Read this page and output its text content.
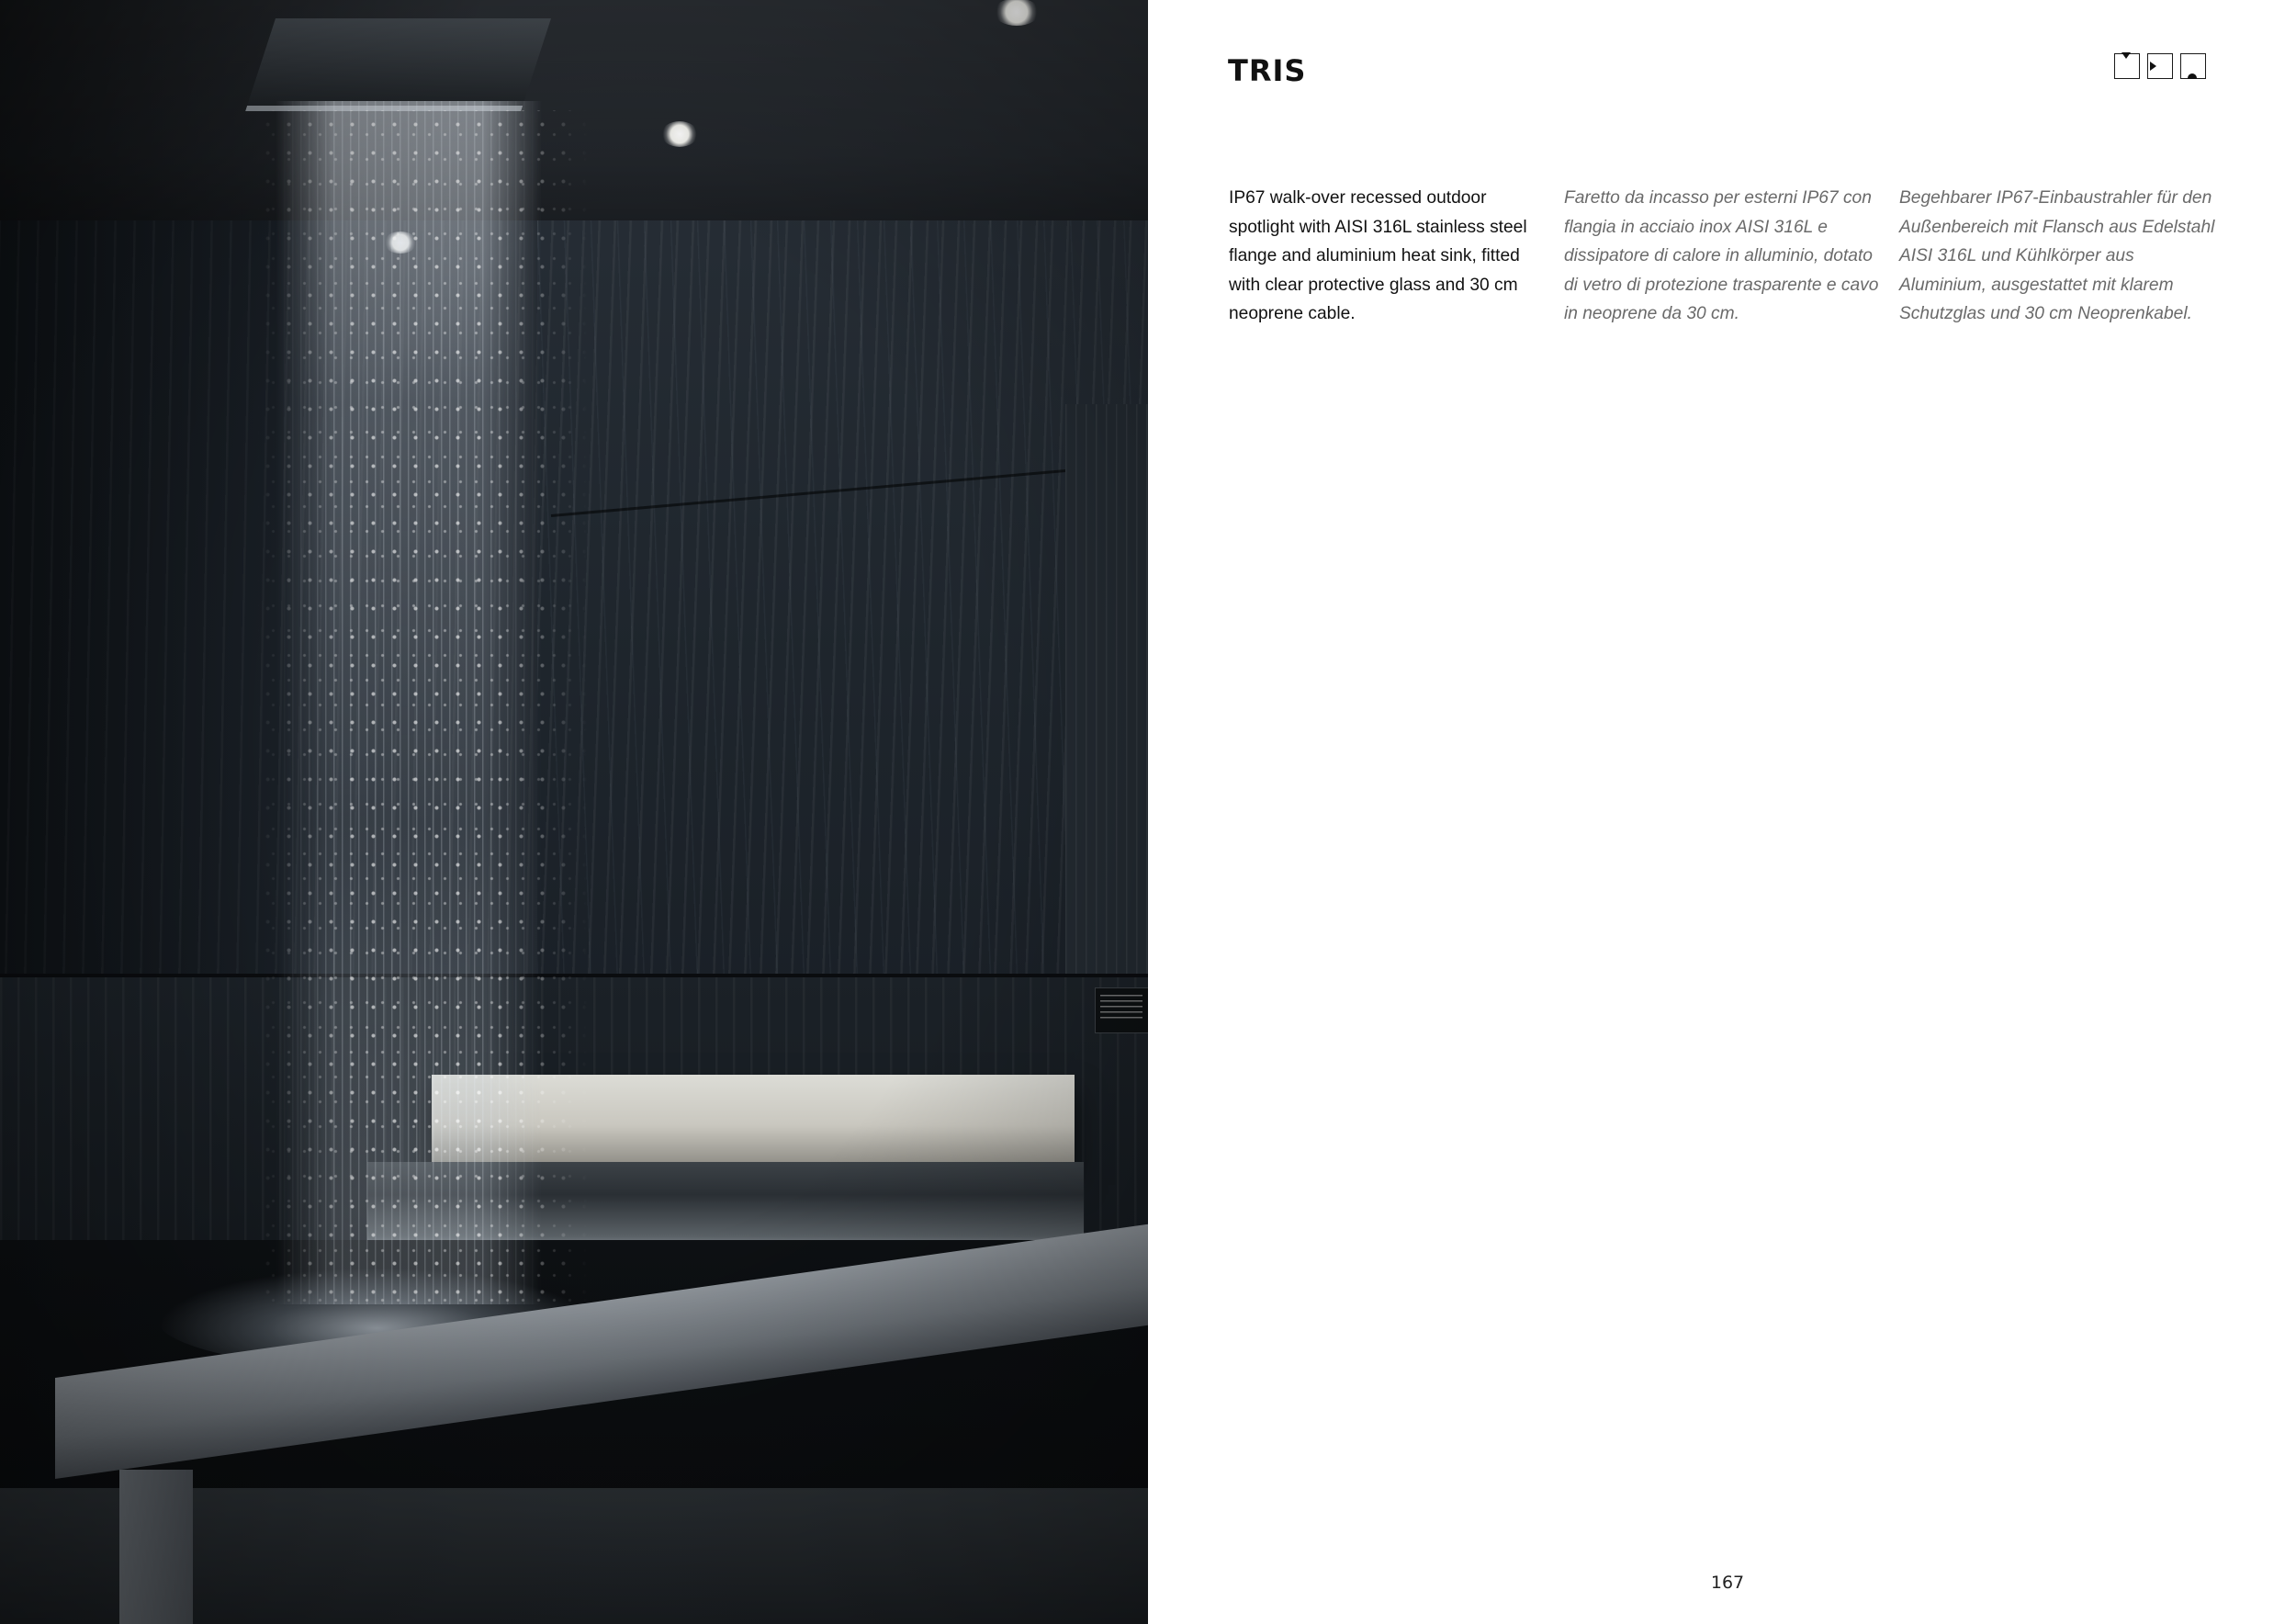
TRIS

IP67 walk-over recessed outdoor spotlight with AISI 316L stainless steel flange and aluminium heat sink, fitted with clear protective glass and 30 cm neoprene cable.

Faretto da incasso per esterni IP67 con flangia in acciaio inox AISI 316L e dissipatore di calore in alluminio, dotato di vetro di protezione trasparente e cavo in neoprene da 30 cm.

Begehbarer IP67-Einbaustrahler für den Außenbereich mit Flansch aus Edelstahl AISI 316L und Kühlkörper aus Aluminium, ausgestattet mit klarem Schutzglas und 30 cm Neoprenkabel.

167
